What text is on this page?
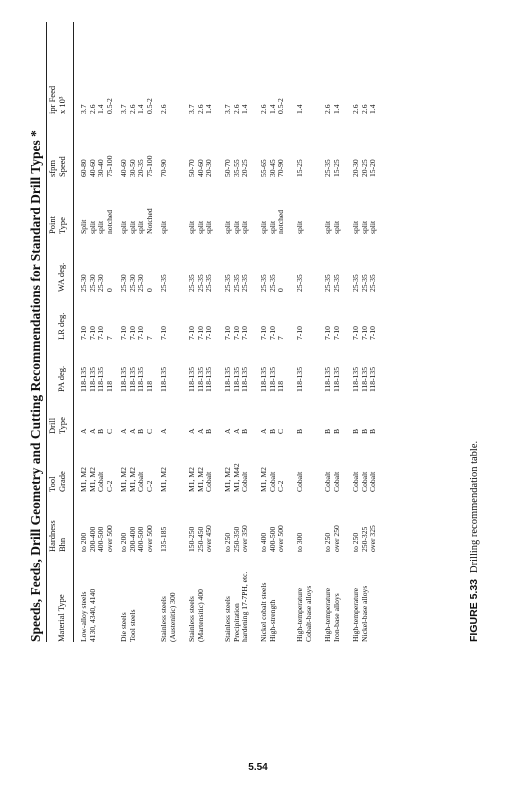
Speeds, Feeds, Drill Geometry and Cutting Recommendations for Standard Drill Types *
Material Type
Hardness Bhn
Tool Grade
Drill Type
PA deg.
LR deg.
WA deg.
Point Type
sfpm Speed
ipr Feed x 10³
Low-alloy steels 4130, 4340, 4140
to 200 200-400 400-500 over 500
M1, M2 M1, M2 Cobalt C-2
A A B C
118-135 118-135 118-135 118
7-10 7-10 7-10 7
25-30 25-30 25-30 0
Split split split notched
60-80 40-60 30-40 75-100
3.7 2.6 1.4 0.5-2
Die steels Tool steels
to 200 200-400 400-500 over 500
M1, M2 M1, M2 Cobalt C-2
A A B C
118-135 118-135 118-135 118
7-10 7-10 7-10 7
25-30 25-30 25-30 0
split split split Notched
40-60 30-50 20-35 75-100
3.7 2.6 1.4 0.5-2
Stainless steels (Austenitic) 300
135-185
M1, M2
A
118-135
7-10
25-35
split
70-90
2.6
Stainless steels (Martensitic) 400
150-250 250-450 over 450
M1, M2 M1, M2 Cobalt
A A B
118-135 118-135 118-135
7-10 7-10 7-10
25-35 25-35 25-35
split split split
50-70 40-60 20-30
3.7 2.6 1.4
Stainless steels Precipitation hardening 17-7PH, etc.
to 250 250-350 over 350
M1, M2 M1, M42 Cobalt
A A B
118-135 118-135 118-135
7-10 7-10 7-10
25-35 25-35 25-35
split split split
50-70 35-55 20-25
3.7 2.6 1.4
Nickel cobalt steels High-strength
to 400 400-500 over 500
M1, M2 Cobalt C-2
A B C
118-135 118-135 118
7-10 7-10 7
25-35 25-35 0
split split notched
55-65 30-45 70-90
2.6 1.4 0.5-2
High-temperature Cobalt-base alloys
to 300
Cobalt
B
118-135
7-10
25-35
split
15-25
1.4
High-temperature Iron-base alloys
to 250 over 250
Cobalt Cobalt
B B
118-135 118-135
7-10 7-10
25-35 25-35
split split
25-35 15-25
2.6 1.4
High-temperature Nickel-base alloys
to 250 250-325 over 325
Cobalt Cobalt Cobalt
B B B
118-135 118-135 118-135
7-10 7-10 7-10
25-35 25-35 25-35
split split split
20-30 20-25 15-20
2.6 2.6 1.4
FIGURE 5.33Drilling recommendation table.
5.54
